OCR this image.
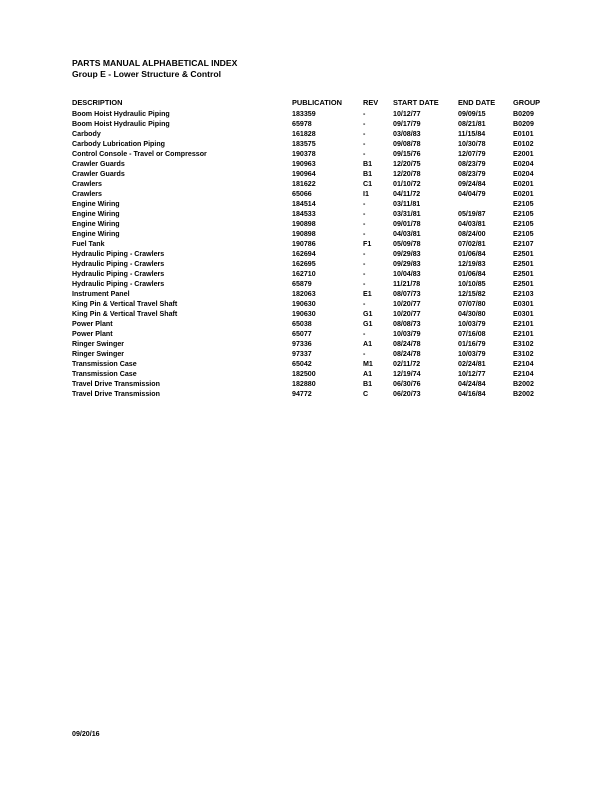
PARTS MANUAL ALPHABETICAL INDEX
Group E - Lower Structure & Control
DESCRIPTION	PUBLICATION	REV	START DATE	END DATE	GROUP
Boom Hoist Hydraulic Piping	183359	-	10/12/77	09/09/15	B0209
Boom Hoist Hydraulic Piping	65978	-	09/17/79	08/21/81	B0209
Carbody	161828	-	03/08/83	11/15/84	E0101
Carbody Lubrication Piping	183575	-	09/08/78	10/30/78	E0102
Control Console - Travel or Compressor	190378	-	09/15/76	12/07/79	E2001
Crawler Guards	190963	B1	12/20/75	08/23/79	E0204
Crawler Guards	190964	B1	12/20/78	08/23/79	E0204
Crawlers	181622	C1	01/10/72	09/24/84	E0201
Crawlers	65066	I1	04/11/72	04/04/79	E0201
Engine Wiring	184514	-	03/11/81		E2105
Engine Wiring	184533	-	03/31/81	05/19/87	E2105
Engine Wiring	190898	-	09/01/78	04/03/81	E2105
Engine Wiring	190898	-	04/03/81	08/24/00	E2105
Fuel Tank	190786	F1	05/09/78	07/02/81	E2107
Hydraulic Piping - Crawlers	162694	-	09/29/83	01/06/84	E2501
Hydraulic Piping - Crawlers	162695	-	09/29/83	12/19/83	E2501
Hydraulic Piping - Crawlers	162710	-	10/04/83	01/06/84	E2501
Hydraulic Piping - Crawlers	65879	-	11/21/78	10/10/85	E2501
Instrument Panel	182063	E1	08/07/73	12/15/82	E2103
King Pin & Vertical Travel Shaft	190630	-	10/20/77	07/07/80	E0301
King Pin & Vertical Travel Shaft	190630	G1	10/20/77	04/30/80	E0301
Power Plant	65038	G1	08/08/73	10/03/79	E2101
Power Plant	65077	-	10/03/79	07/16/08	E2101
Ringer Swinger	97336	A1	08/24/78	01/16/79	E3102
Ringer Swinger	97337	-	08/24/78	10/03/79	E3102
Transmission Case	65042	M1	02/11/72	02/24/81	E2104
Transmission Case	182500	A1	12/19/74	10/12/77	E2104
Travel Drive Transmission	182880	B1	06/30/76	04/24/84	B2002
Travel Drive Transmission	94772	C	06/20/73	04/16/84	B2002

09/20/16
